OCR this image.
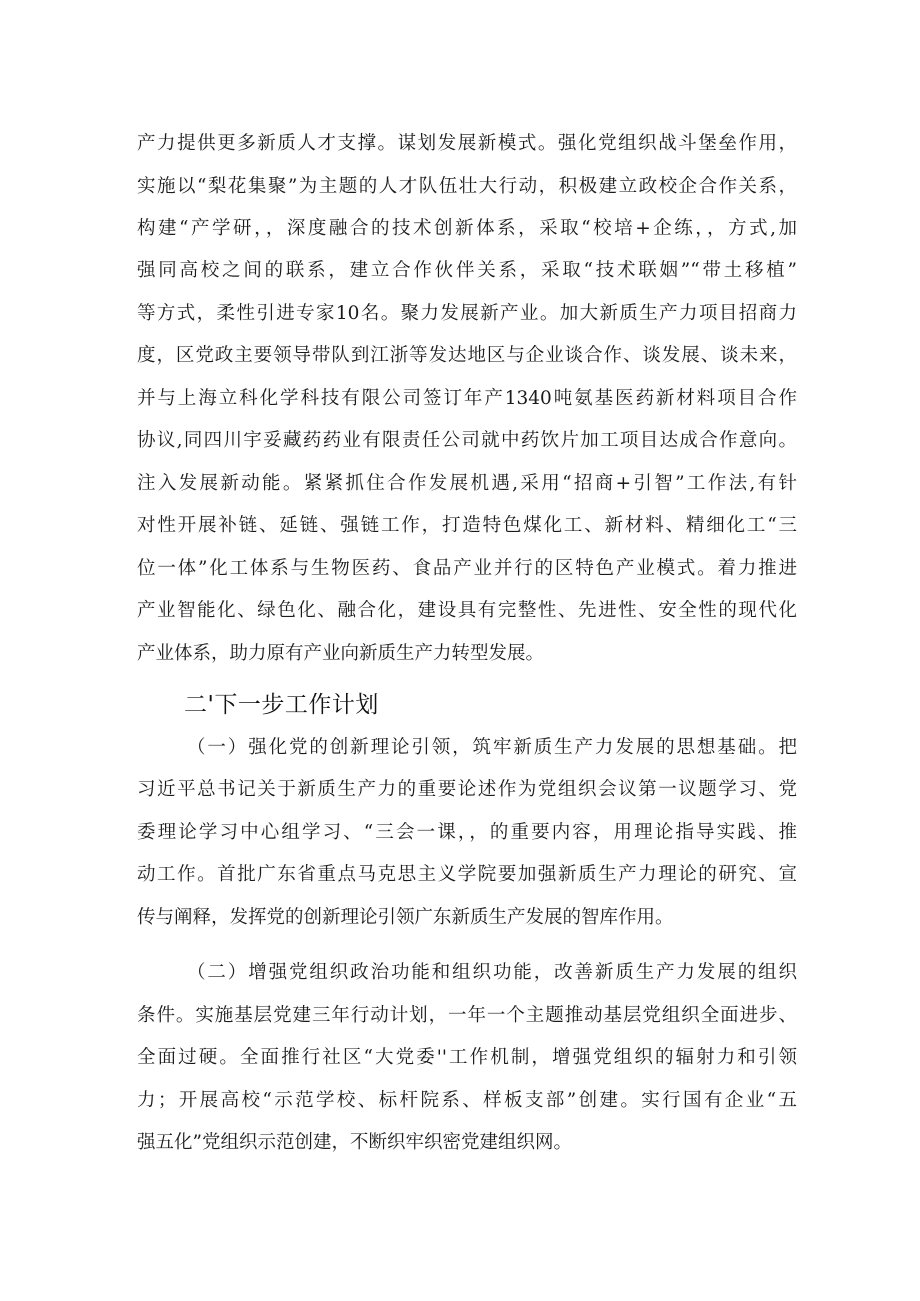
产力提供更多新质人才支撑。谋划发展新模式。强化党组织战斗堡垒作用，
实施以“梨花集聚”为主题的人才队伍壮大行动，积极建立政校企合作关系，
构建“产学研，，深度融合的技术创新体系，采取“校培+企练，，方式,加
强同高校之间的联系，建立合作伙伴关系，采取“技术联姻”“带土移植”
等方式，柔性引进专家10名。聚力发展新产业。加大新质生产力项目招商力
度，区党政主要领导带队到江浙等发达地区与企业谈合作、谈发展、谈未来，
并与上海立科化学科技有限公司签订年产1340吨氨基医药新材料项目合作
协议,同四川宇妥藏药药业有限责任公司就中药饮片加工项目达成合作意向。
注入发展新动能。紧紧抓住合作发展机遇,采用“招商+引智”工作法,有针
对性开展补链、延链、强链工作，打造特色煤化工、新材料、精细化工“三
位一体”化工体系与生物医药、食品产业并行的区特色产业模式。着力推进
产业智能化、绿色化、融合化，建设具有完整性、先进性、安全性的现代化
产业体系，助力原有产业向新质生产力转型发展。
二'下一步工作计划
（一）强化党的创新理论引领，筑牢新质生产力发展的思想基础。把
习近平总书记关于新质生产力的重要论述作为党组织会议第一议题学习、党
委理论学习中心组学习、“三会一课，，的重要内容，用理论指导实践、推
动工作。首批广东省重点马克思主义学院要加强新质生产力理论的研究、宣
传与阐释，发挥党的创新理论引领广东新质生产发展的智库作用。
（二）增强党组织政治功能和组织功能，改善新质生产力发展的组织
条件。实施基层党建三年行动计划，一年一个主题推动基层党组织全面进步、
全面过硬。全面推行社区“大党委''工作机制，增强党组织的辐射力和引领
力；开展高校“示范学校、标杆院系、样板支部”创建。实行国有企业“五
强五化”党组织示范创建，不断织牢织密党建组织网。
